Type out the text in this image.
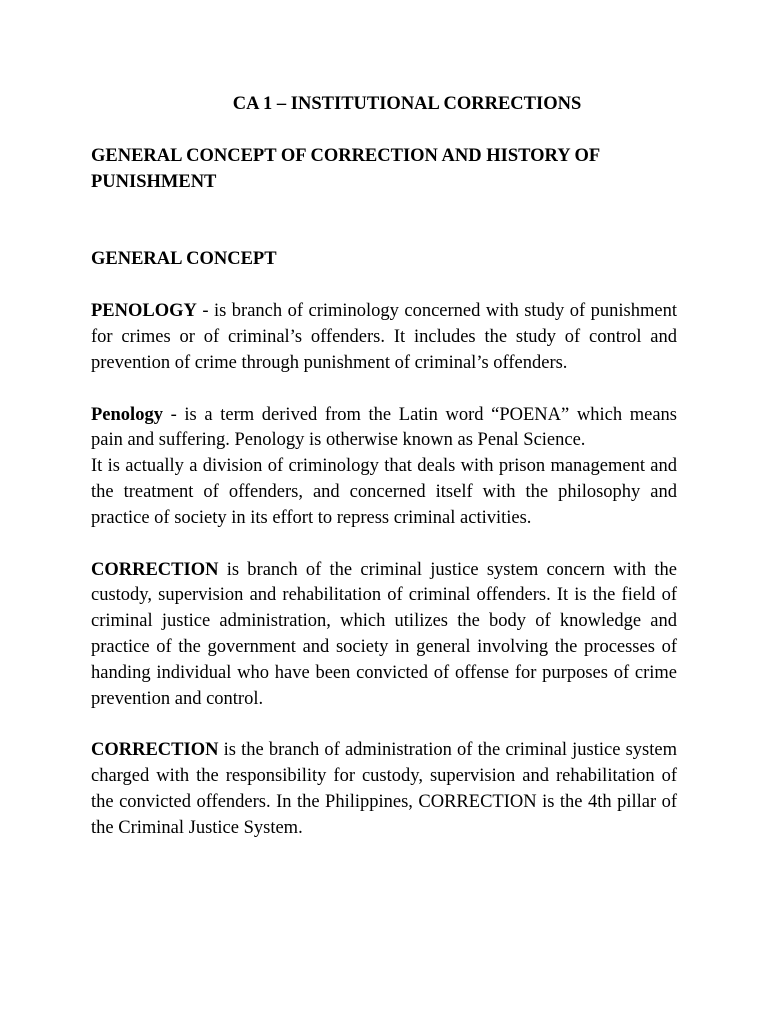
CA 1 – INSTITUTIONAL CORRECTIONS

GENERAL CONCEPT OF CORRECTION AND HISTORY OF PUNISHMENT

GENERAL CONCEPT

PENOLOGY - is branch of criminology concerned with study of punishment for crimes or of criminal’s offenders. It includes the study of control and prevention of crime through punishment of criminal’s offenders.

Penology - is a term derived from the Latin word “POENA” which means pain and suffering. Penology is otherwise known as Penal Science.

It is actually a division of criminology that deals with prison management and the treatment of offenders, and concerned itself with the philosophy and practice of society in its effort to repress criminal activities.

CORRECTION is branch of the criminal justice system concern with the custody, supervision and rehabilitation of criminal offenders. It is the field of criminal justice administration, which utilizes the body of knowledge and practice of the government and society in general involving the processes of handing individual who have been convicted of offense for purposes of crime prevention and control.

CORRECTION is the branch of administration of the criminal justice system charged with the responsibility for custody, supervision and rehabilitation of the convicted offenders. In the Philippines, CORRECTION is the 4th pillar of the Criminal Justice System.
